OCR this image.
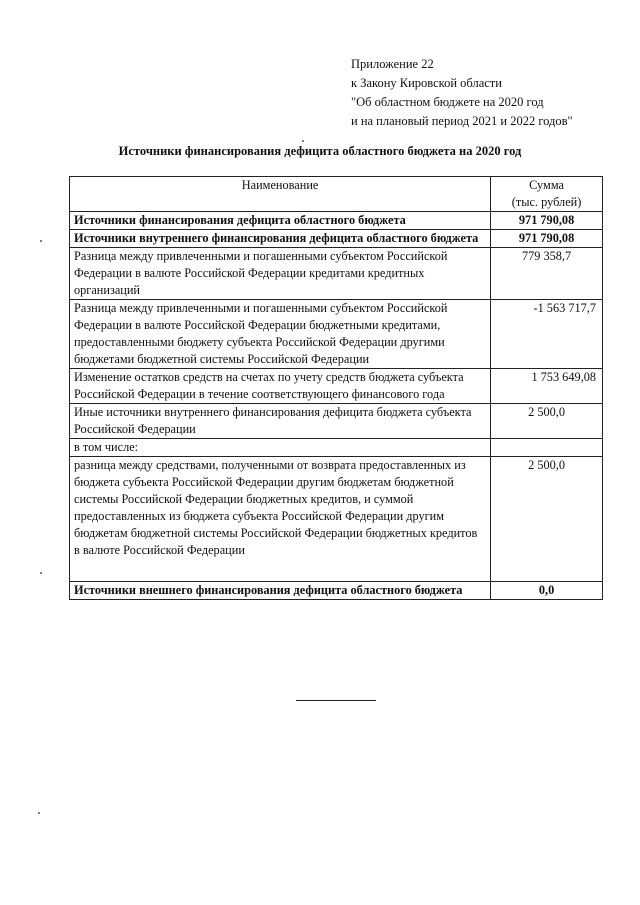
Приложение 22
к Закону Кировской области
"Об областном бюджете на 2020 год
и на плановый период 2021 и 2022 годов"
Источники финансирования дефицита областного бюджета на 2020 год
Наименование	Сумма
(тыс. рублей)

Источники финансирования дефицита областного бюджета	971 790,08
Источники внутреннего финансирования дефицита областного бюджета	971 790,08
Разница между привлеченными и погашенными субъектом Российской Федерации в валюте Российской Федерации кредитами кредитных организаций	779 358,7
Разница между привлеченными и погашенными субъектом Российской Федерации в валюте Российской Федерации бюджетными кредитами, предоставленными бюджету субъекта Российской Федерации другими бюджетами бюджетной системы Российской Федерации	-1 563 717,7
Изменение остатков средств на счетах по учету средств бюджета субъекта Российской Федерации в течение соответствующего финансового года	1 753 649,08
Иные источники внутреннего финансирования дефицита бюджета субъекта Российской Федерации	2 500,0
в том числе:	
разница между средствами, полученными от возврата предоставленных из бюджета субъекта Российской Федерации другим бюджетам бюджетной системы Российской Федерации бюджетных кредитов, и суммой предоставленных из бюджета субъекта Российской Федерации другим бюджетам бюджетной системы Российской Федерации бюджетных кредитов в валюте Российской Федерации	2 500,0
Источники внешнего финансирования дефицита областного бюджета	0,0
